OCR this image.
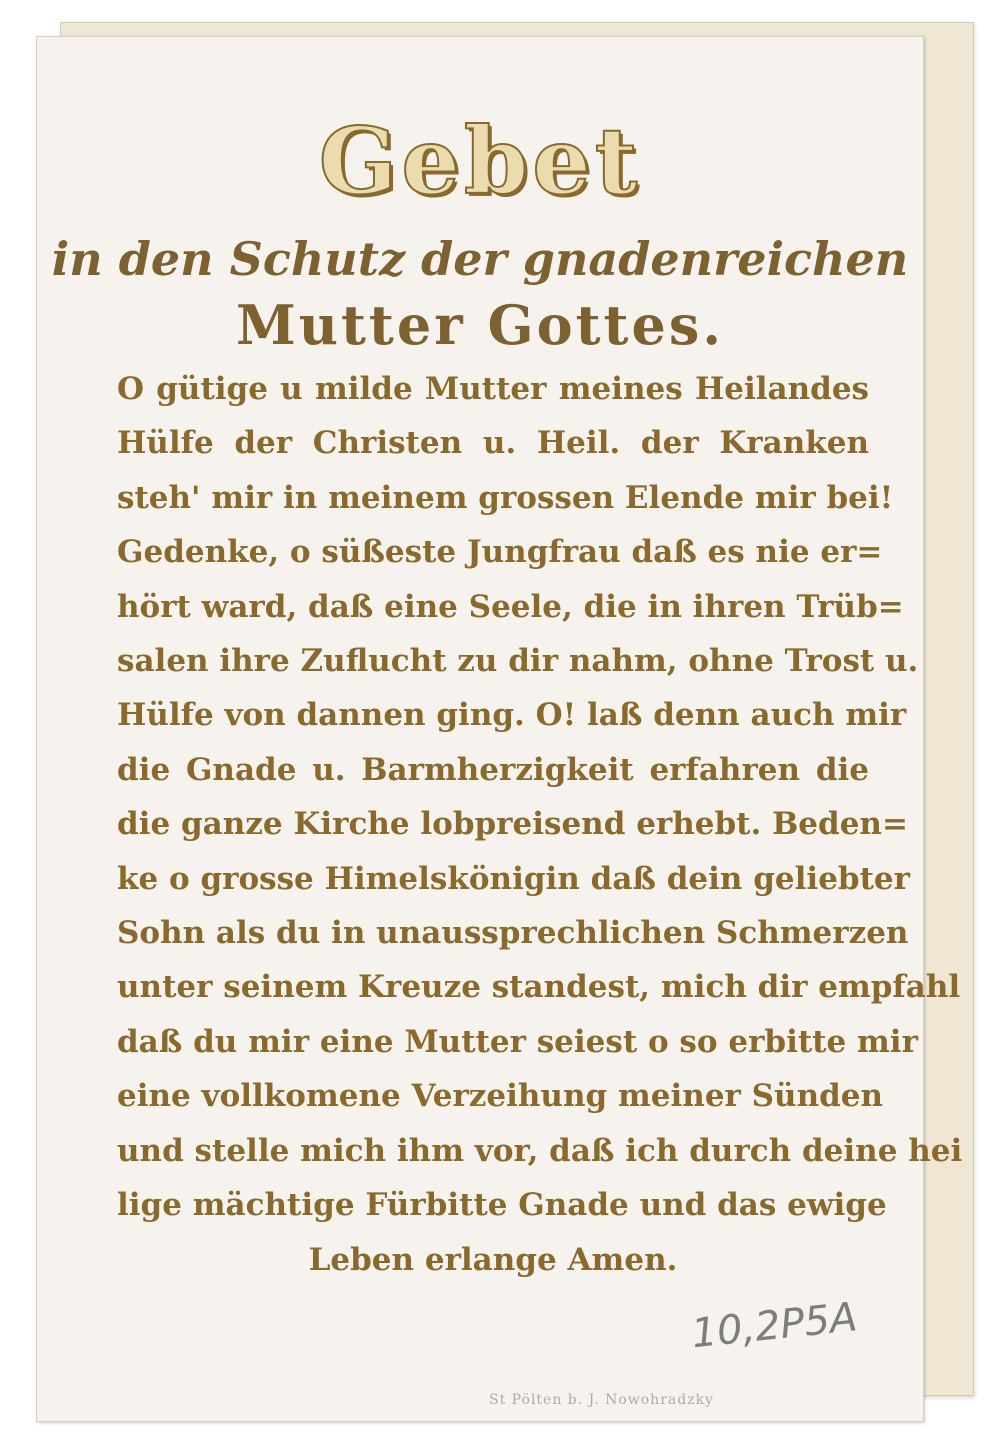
Gebet
in den Schutz der gnadenreichen
Mutter Gottes.
O gütige u milde Mutter meines Heilandes
Hülfe der Christen u. Heil. der Kranken
steh' mir in meinem grossen Elende mir bei!
Gedenke, o süßeste Jungfrau daß es nie er=
hört ward, daß eine Seele, die in ihren Trüb=
salen ihre Zuflucht zu dir nahm, ohne Trost u.
Hülfe von dannen ging. O! laß denn auch mir
die Gnade u. Barmherzigkeit erfahren die
die ganze Kirche lobpreisend erhebt. Beden=
ke o grosse Himelskönigin daß dein geliebter
Sohn als du in unaussprechlichen Schmerzen
unter seinem Kreuze standest, mich dir empfahl
daß du mir eine Mutter seiest o so erbitte mir
eine vollkomene Verzeihung meiner Sünden
und stelle mich ihm vor, daß ich durch deine hei
lige mächtige Fürbitte Gnade und das ewige
Leben erlange Amen.
10,2P5A
St Pölten b. J. Nowohradzky
